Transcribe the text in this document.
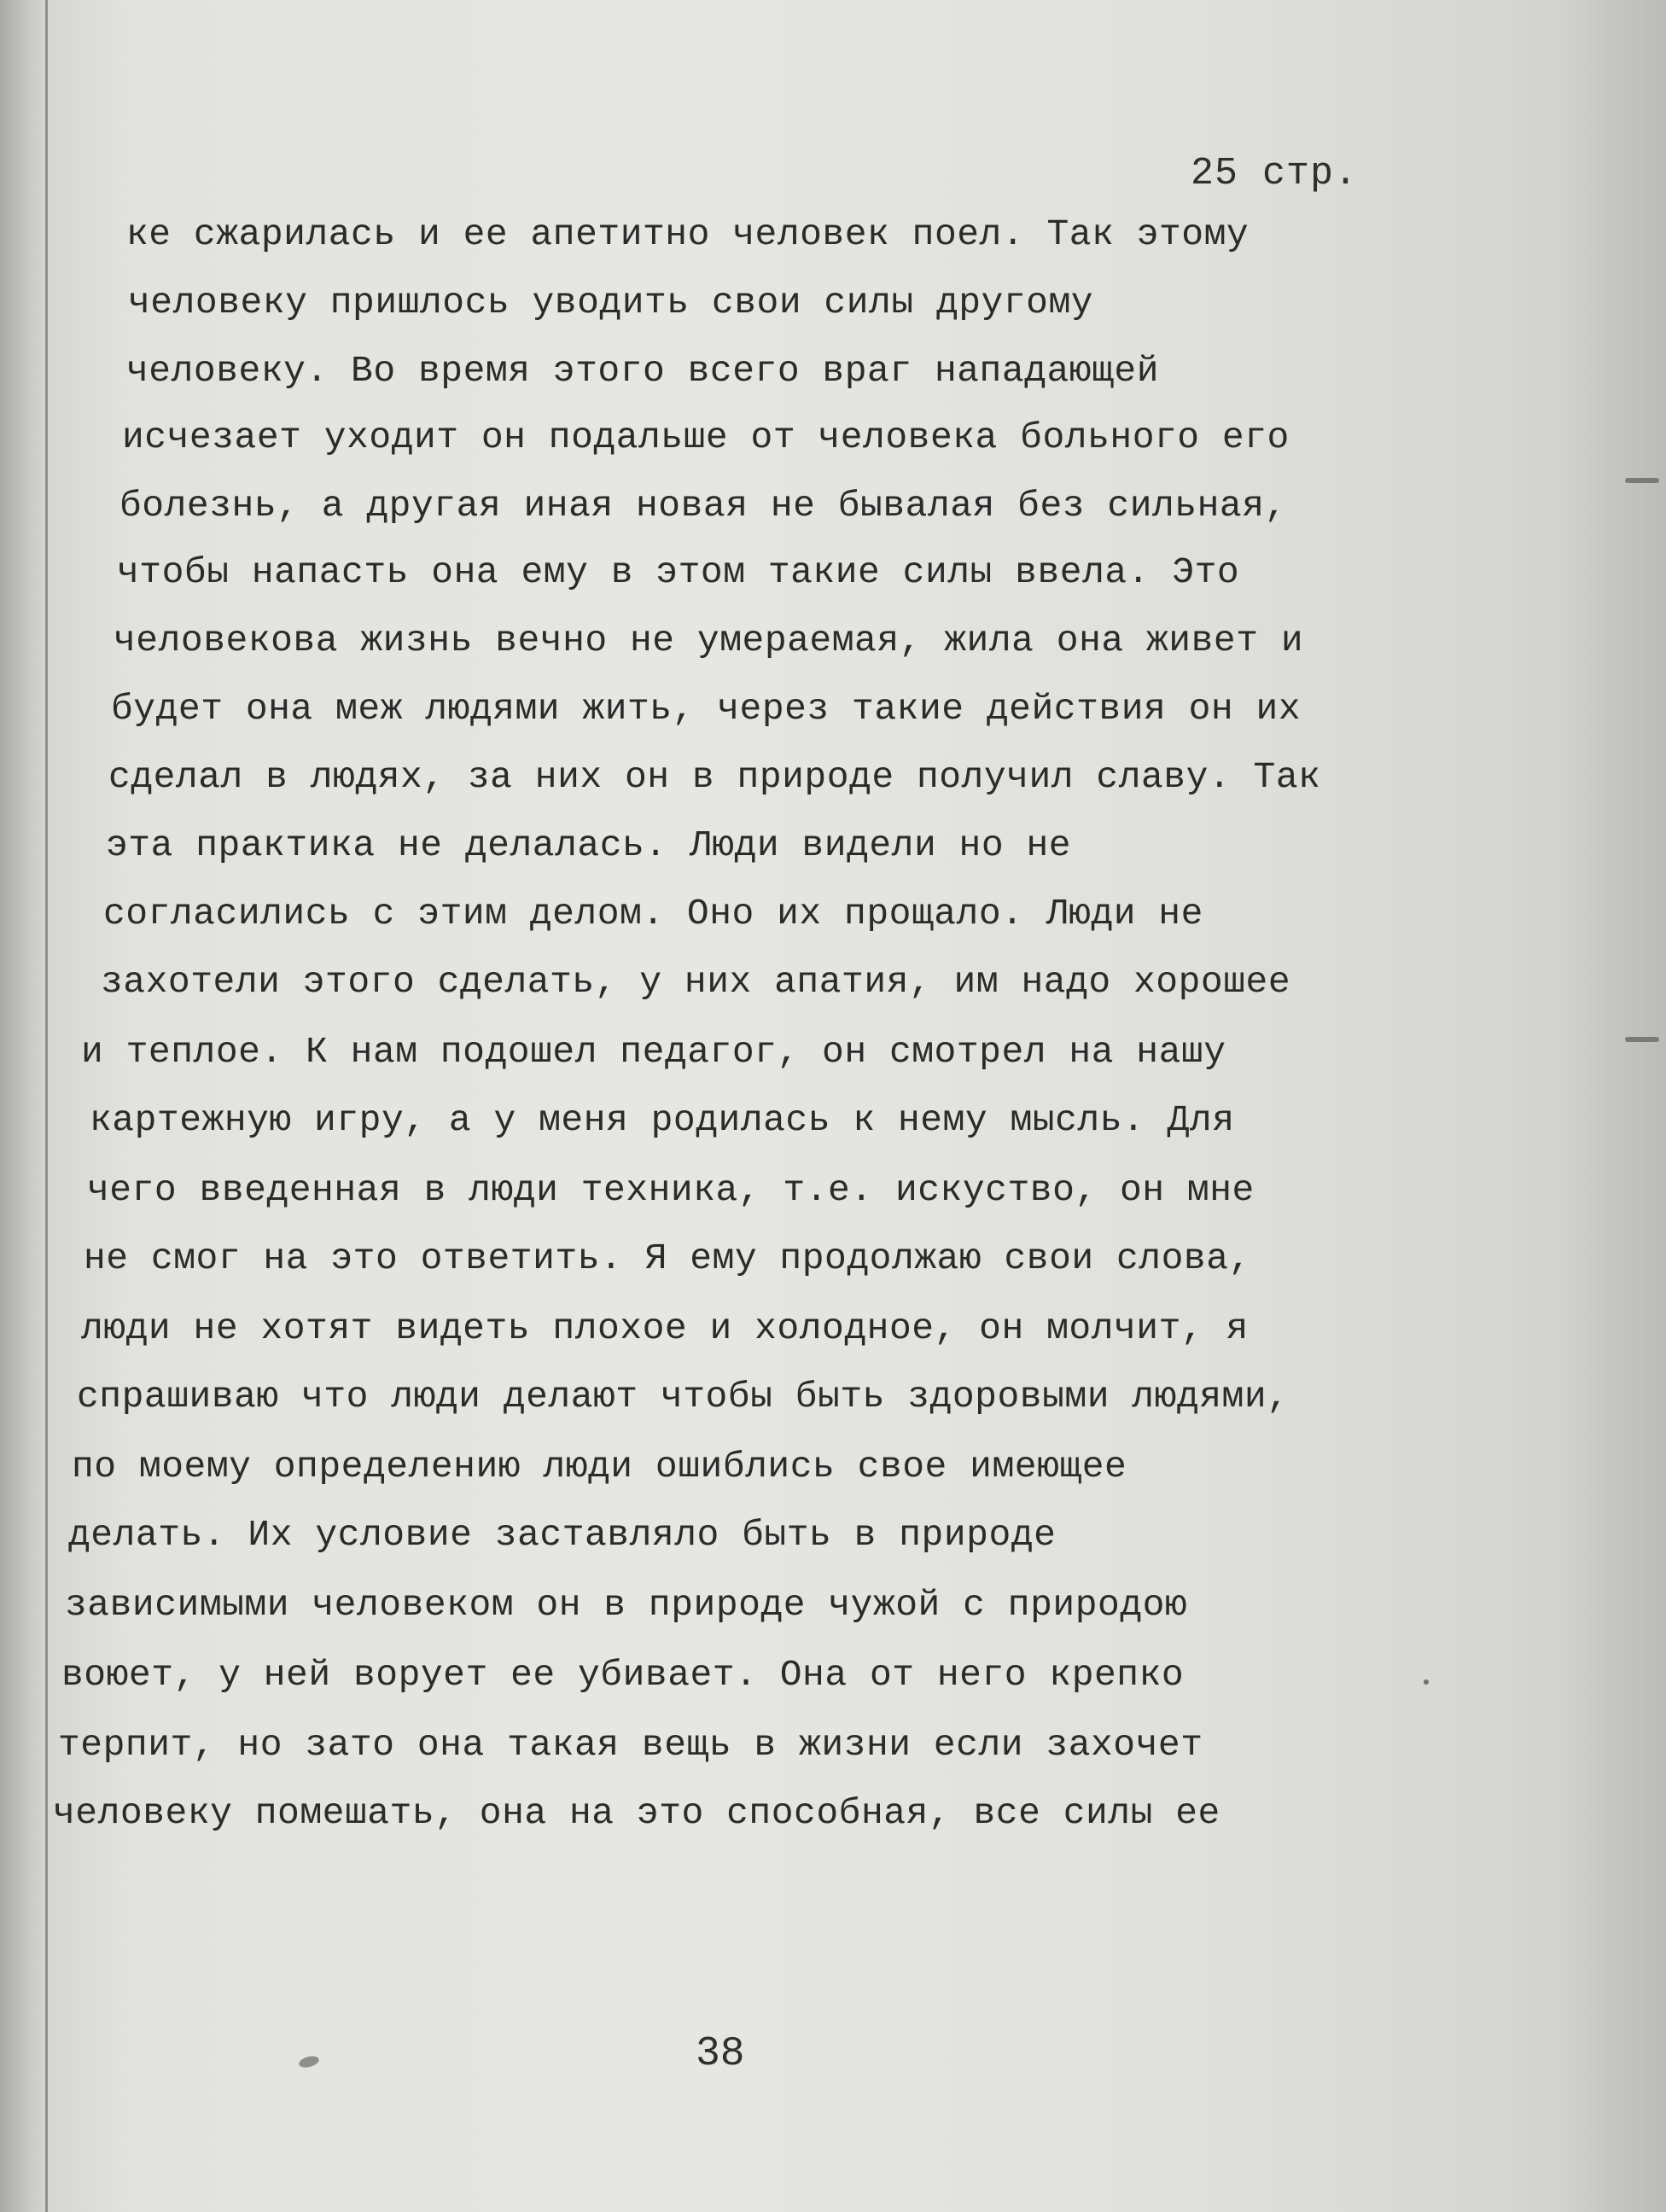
25 стр.
ке сжарилась и ее апетитно человек поел. Так этому
человеку пришлось уводить свои силы другому
человеку. Во время этого всего враг нападающей
исчезает уходит он подальше от человека больного его
болезнь, а другая иная новая не бывалая без сильная,
чтобы напасть она ему в этом такие силы ввела. Это
человекова жизнь вечно не умераемая, жила она живет и
будет она меж людями жить, через такие действия он их
сделал в людях, за них он в природе получил славу. Так
эта практика не делалась. Люди видели но не
согласились с этим делом. Оно их прощало. Люди не
захотели этого сделать, у них апатия, им надо хорошее
и теплое. К нам подошел педагог, он смотрел на нашу
картежную игру, а у меня родилась к нему мысль. Для
чего введенная в люди техника, т.е. искуство, он мне
не смог на это ответить. Я ему продолжаю свои слова,
люди не хотят видеть плохое и холодное, он молчит, я
спрашиваю что люди делают чтобы быть здоровыми людями,
по моему определению люди ошиблись свое имеющее
делать. Их условие заставляло быть в природе
зависимыми человеком он в природе чужой с природою
воюет, у ней ворует ее убивает. Она от него крепко
терпит, но зато она такая вещь в жизни если захочет
человеку помешать, она на это способная, все силы ее
38
